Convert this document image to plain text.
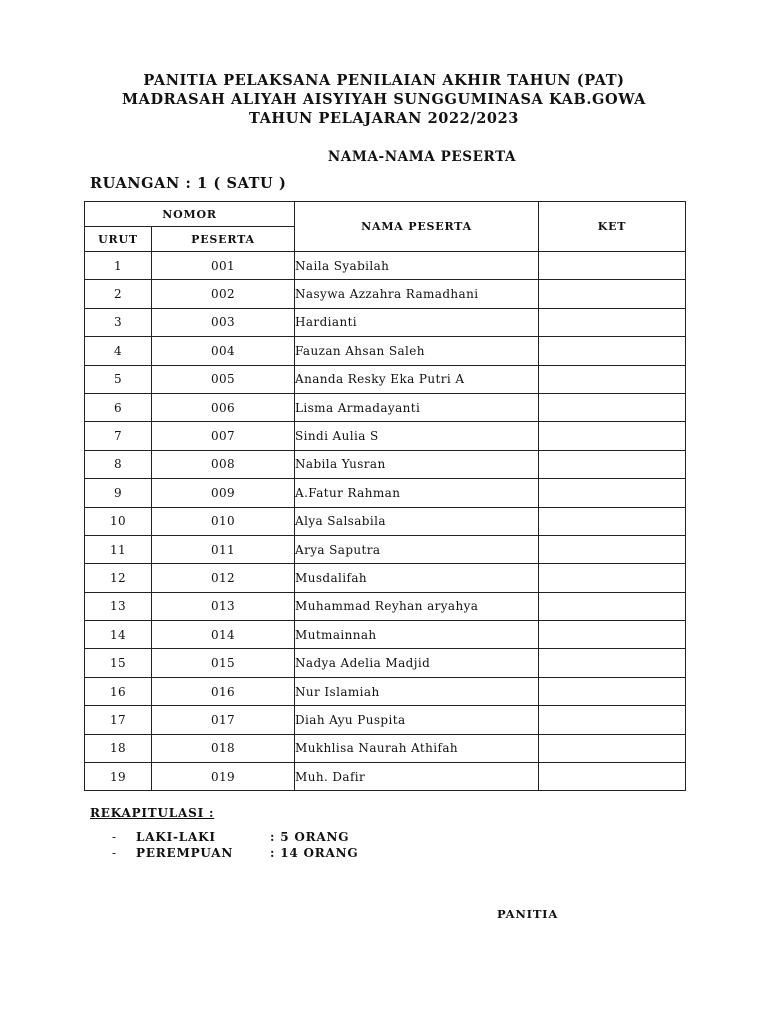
PANITIA PELAKSANA PENILAIAN AKHIR TAHUN (PAT)
MADRASAH ALIYAH AISYIYAH SUNGGUMINASA KAB.GOWA
TAHUN PELAJARAN 2022/2023
NAMA-NAMA PESERTA
RUANGAN : 1 ( SATU )
NOMOR		NAMA PESERTA	KET
URUT	PESERTA		
1	001	Naila Syabilah	
2	002	Nasywa Azzahra Ramadhani	
3	003	Hardianti	
4	004	Fauzan Ahsan Saleh	
5	005	Ananda Resky Eka Putri A	
6	006	Lisma Armadayanti	
7	007	Sindi Aulia S	
8	008	Nabila Yusran	
9	009	A.Fatur Rahman	
10	010	Alya Salsabila	
11	011	Arya Saputra	
12	012	Musdalifah	
13	013	Muhammad Reyhan aryahya	
14	014	Mutmainnah	
15	015	Nadya Adelia Madjid	
16	016	Nur Islamiah	
17	017	Diah Ayu Puspita	
18	018	Mukhlisa Naurah Athifah	
19	019	Muh. Dafir	
REKAPITULASI :
- LAKI-LAKI	: 5 ORANG
- PEREMPUAN	: 14 ORANG
PANITIA
